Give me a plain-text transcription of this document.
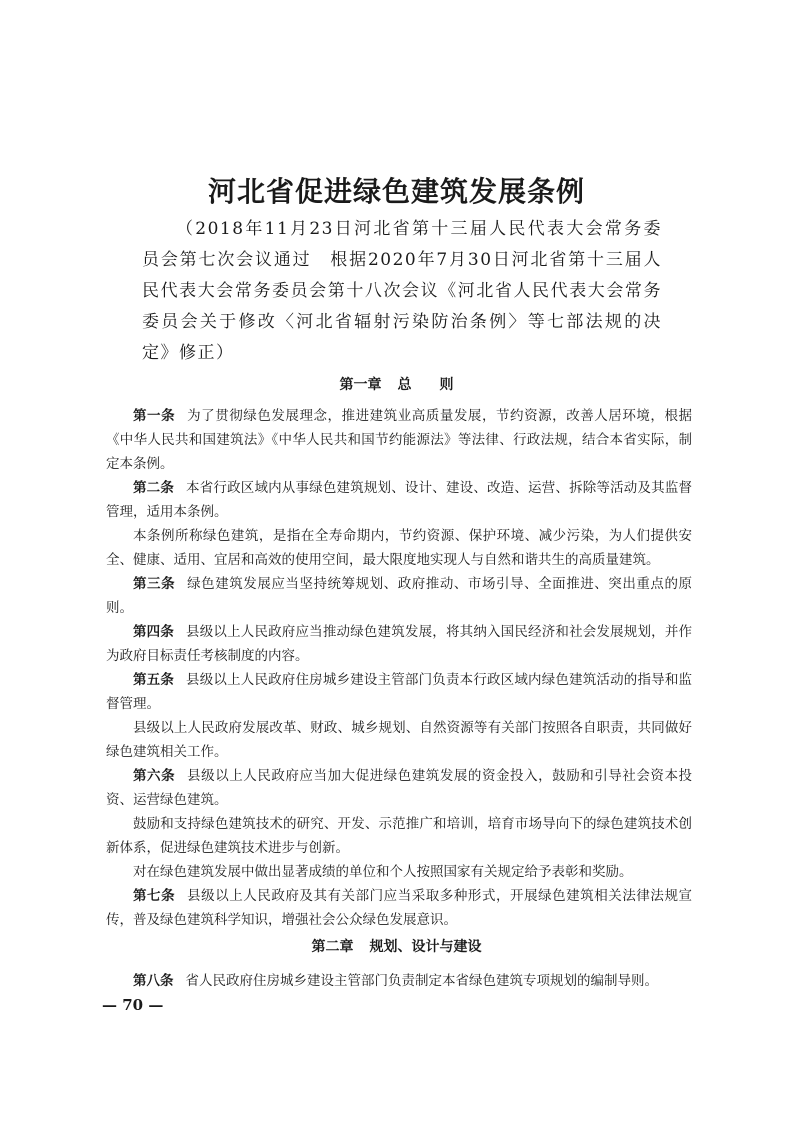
河北省促进绿色建筑发展条例
（2018年11月23日河北省第十三届人民代表大会常务委员会第七次会议通过　根据2020年7月30日河北省第十三届人民代表大会常务委员会第十八次会议《河北省人民代表大会常务委员会关于修改〈河北省辐射污染防治条例〉等七部法规的决定》修正）
第一章 总　　则

第一条 为了贯彻绿色发展理念，推进建筑业高质量发展，节约资源，改善人居环境，根据《中华人民共和国建筑法》《中华人民共和国节约能源法》等法律、行政法规，结合本省实际，制定本条例。

第二条 本省行政区域内从事绿色建筑规划、设计、建设、改造、运营、拆除等活动及其监督管理，适用本条例。

本条例所称绿色建筑，是指在全寿命期内，节约资源、保护环境、减少污染，为人们提供安全、健康、适用、宜居和高效的使用空间，最大限度地实现人与自然和谐共生的高质量建筑。

第三条 绿色建筑发展应当坚持统筹规划、政府推动、市场引导、全面推进、突出重点的原则。

第四条 县级以上人民政府应当推动绿色建筑发展，将其纳入国民经济和社会发展规划，并作为政府目标责任考核制度的内容。

第五条 县级以上人民政府住房城乡建设主管部门负责本行政区域内绿色建筑活动的指导和监督管理。

县级以上人民政府发展改革、财政、城乡规划、自然资源等有关部门按照各自职责，共同做好绿色建筑相关工作。

第六条 县级以上人民政府应当加大促进绿色建筑发展的资金投入，鼓励和引导社会资本投资、运营绿色建筑。

鼓励和支持绿色建筑技术的研究、开发、示范推广和培训，培育市场导向下的绿色建筑技术创新体系，促进绿色建筑技术进步与创新。

对在绿色建筑发展中做出显著成绩的单位和个人按照国家有关规定给予表彰和奖励。

第七条 县级以上人民政府及其有关部门应当采取多种形式，开展绿色建筑相关法律法规宣传，普及绿色建筑科学知识，增强社会公众绿色发展意识。

第二章 规划、设计与建设

第八条 省人民政府住房城乡建设主管部门负责制定本省绿色建筑专项规划的编制导则。

— 70 —
